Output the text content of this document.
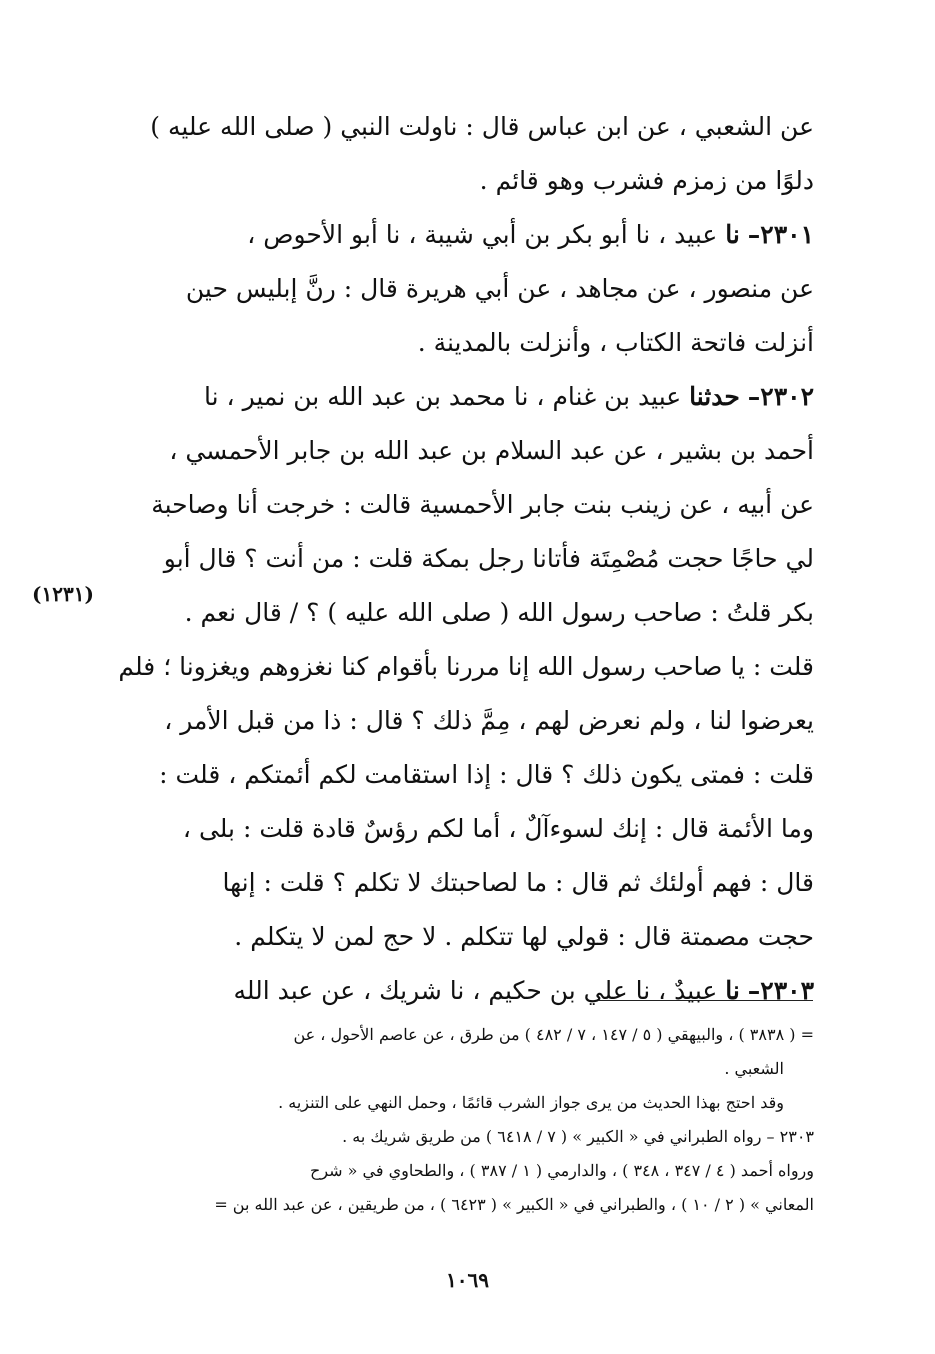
عن الشعبي ، عن ابن عباس قال : ناولت النبي ( صلى الله عليه )
دلوًا من زمزم فشرب وهو قائم .
٢٣٠١– نا عبيد ، نا أبو بكر بن أبي شيبة ، نا أبو الأحوص ،
عن منصور ، عن مجاهد ، عن أبي هريرة قال : رنَّ إبليس حين
أنزلت فاتحة الكتاب ، وأنزلت بالمدينة .
٢٣٠٢– حدثنا عبيد بن غنام ، نا محمد بن عبد الله بن نمير ، نا
أحمد بن بشير ، عن عبد السلام بن عبد الله بن جابر الأحمسي ،
عن أبيه ، عن زينب بنت جابر الأحمسية قالت : خرجت أنا وصاحبة
لي حاجًا حجت مُصْمِتَة فأتانا رجل بمكة قلت : من أنت ؟ قال أبو
بكر قلتُ : صاحب رسول الله ( صلى الله عليه ) ؟ / قال نعم .
قلت : يا صاحب رسول الله إنا مررنا بأقوام كنا نغزوهم ويغزونا ؛ فلم
يعرضوا لنا ، ولم نعرض لهم ، مِمَّ ذلك ؟ قال : ذا من قبل الأمر ،
قلت : فمتى يكون ذلك ؟ قال : إذا استقامت لكم أئمتكم ، قلت :
وما الأئمة قال : إنك لسوءآلٌ ، أما لكم رؤسٌ قادة قلت : بلى ،
قال : فهم أولئك ثم قال : ما لصاحبتك لا تكلم ؟ قلت : إنها
حجت مصمتة قال : قولي لها تتكلم . لا حج لمن لا يتكلم .
٢٣٠٣– نا عبيدٌ ، نا علي بن حكيم ، نا شريك ، عن عبد الله
(١٢٣١)
= ( ٣٨٣٨ ) ، والبيهقي ( ٥ / ١٤٧ ، ٧ / ٤٨٢ ) من طرق ، عن عاصم الأحول ، عن
الشعبي .
وقد احتج بهذا الحديث من يرى جواز الشرب قائمًا ، وحمل النهي على التنزيه .
٢٣٠٣ – رواه الطبراني في « الكبير » ( ٧ / ٦٤١٨ ) من طريق شريك به .
ورواه أحمد ( ٤ / ٣٤٧ ، ٣٤٨ ) ، والدارمي ( ١ / ٣٨٧ ) ، والطحاوي في « شرح
المعاني » ( ٢ / ١٠ ) ، والطبراني في « الكبير » ( ٦٤٢٣ ) ، من طريقين ، عن عبد الله بن =
١٠٦٩
